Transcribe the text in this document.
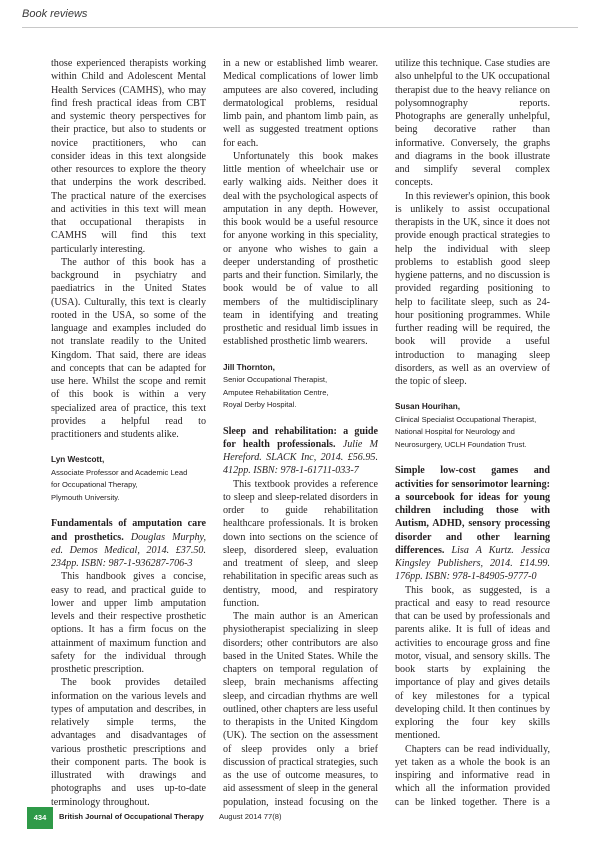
Book reviews

those experienced therapists working within Child and Adolescent Mental Health Services (CAMHS), who may find fresh practical ideas from CBT and systemic theory perspectives for their practice, but also to students or novice practitioners, who can consider ideas in this text alongside other resources to explore the theory that underpins the work described. The practical nature of the exercises and activities in this text will mean that occupational therapists in CAMHS will find this text particularly interesting.

The author of this book has a background in psychiatry and paediatrics in the United States (USA). Culturally, this text is clearly rooted in the USA, so some of the language and examples included do not translate readily to the United Kingdom. That said, there are ideas and concepts that can be adapted for use here. Whilst the scope and remit of this book is within a very specialized area of practice, this text provides a helpful read to practitioners and students alike.

Lyn Westcott,
Associate Professor and Academic Lead
for Occupational Therapy,
Plymouth University.

Fundamentals of amputation care and prosthetics. Douglas Murphy, ed. Demos Medical, 2014. £37.50. 234pp. ISBN: 987-1-936287-706-3

This handbook gives a concise, easy to read, and practical guide to lower and upper limb amputation levels and their respective prosthetic options. It has a firm focus on the attainment of maximum function and safety for the individual through prosthetic prescription.

The book provides detailed information on the various levels and types of amputation and describes, in relatively simple terms, the advantages and disadvantages of various prosthetic prescriptions and their component parts. The book is illustrated with drawings and photographs and uses up-to-date terminology throughout.

in a new or established limb wearer. Medical complications of lower limb amputees are also covered, including dermatological problems, residual limb pain, and phantom limb pain, as well as suggested treatment options for each.

Unfortunately this book makes little mention of wheelchair use or early walking aids. Neither does it deal with the psychological aspects of amputation in any depth. However, this book would be a useful resource for anyone working in this speciality, or anyone who wishes to gain a deeper understanding of prosthetic parts and their function. Similarly, the book would be of value to all members of the multidisciplinary team in identifying and treating prosthetic and residual limb issues in established prosthetic limb wearers.

Jill Thornton,
Senior Occupational Therapist,
Amputee Rehabilitation Centre,
Royal Derby Hospital.

Sleep and rehabilitation: a guide for health professionals. Julie M Hereford. SLACK Inc, 2014. £56.95. 412pp. ISBN: 978-1-61711-033-7

This textbook provides a reference to sleep and sleep-related disorders in order to guide rehabilitation healthcare professionals. It is broken down into sections on the science of sleep, disordered sleep, evaluation and treatment of sleep, and sleep rehabilitation in specific areas such as dentistry, mood, and respiratory function.

The main author is an American physiotherapist specializing in sleep disorders; other contributors are also based in the United States. While the chapters on temporal regulation of sleep, brain mechanisms affecting sleep, and circadian rhythms are well outlined, other chapters are less useful to therapists in the United Kingdom (UK). The section on the assessment of sleep provides only a brief discussion of practical strategies, such as the use of outcome measures, to aid assessment of sleep in the general population, instead focusing on the

utilize this technique. Case studies are also unhelpful to the UK occupational therapist due to the heavy reliance on polysomnography reports. Photographs are generally unhelpful, being decorative rather than informative. Conversely, the graphs and diagrams in the book illustrate and simplify several complex concepts.

In this reviewer's opinion, this book is unlikely to assist occupational therapists in the UK, since it does not provide enough practical strategies to help the individual with sleep problems to establish good sleep hygiene patterns, and no discussion is provided regarding positioning to help to facilitate sleep, such as 24-hour positioning programmes. While further reading will be required, the book will provide a useful introduction to managing sleep disorders, as well as an overview of the topic of sleep.

Susan Hourihan,
Clinical Specialist Occupational Therapist,
National Hospital for Neurology and
Neurosurgery, UCLH Foundation Trust.

Simple low-cost games and activities for sensorimotor learning: a sourcebook for ideas for young children including those with Autism, ADHD, sensory processing disorder and other learning differences. Lisa A Kurtz. Jessica Kingsley Publishers, 2014. £14.99. 176pp. ISBN: 978-1-84905-9777-0

This book, as suggested, is a practical and easy to read resource that can be used by professionals and parents alike. It is full of ideas and activities to encourage gross and fine motor, visual, and sensory skills. The book starts by explaining the importance of play and gives details of key milestones for a typical developing child. It then continues by exploring the four key skills mentioned.

Chapters can be read individually, yet taken as a whole the book is an inspiring and informative read in which all the information provided can be linked together. There is a

434	British Journal of Occupational Therapy August 2014 77(8)
